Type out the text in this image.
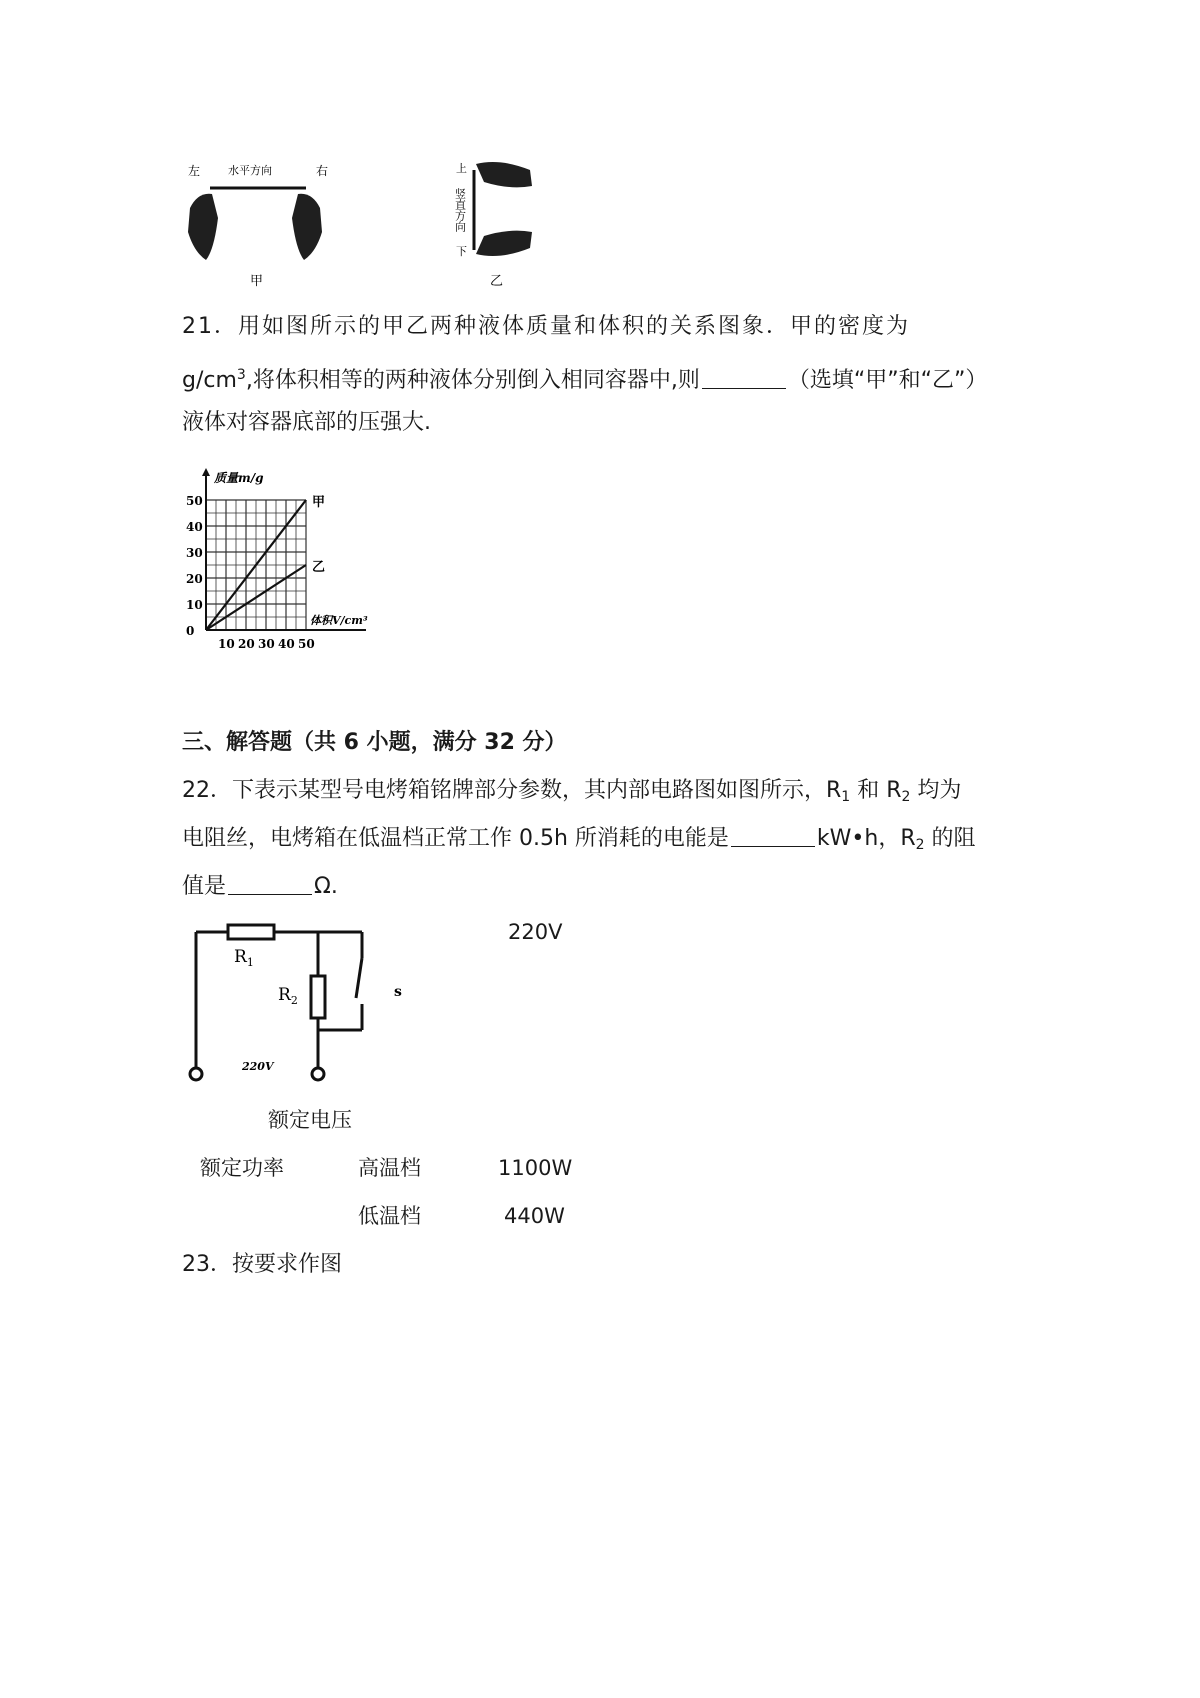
左	水平方向	右
甲
上
竖直方向
下
乙
21．用如图所示的甲乙两种液体质量和体积的关系图象．甲的密度为
$g/cm^3$,将体积相等的两种液体分别倒入相同容器中,则	（选填“甲”和“乙”）
液体对容器底部的压强大.
甲
乙
10 20 30 40 50
0
10
20
30
40
50
质量m/g
体积V/cm³
三、解答题（共 6 小题，满分 32 分）
22．下表示某型号电烤箱铭牌部分参数，其内部电路图如图所示，$R_1$ 和 $R_2$ 均为
电阻丝，电烤箱在低温档正常工作 0.5h 所消耗的电能是	kW•h，$R_2$ 的阻
值是	Ω.
$R_1$
$R_2$
s
220V
220V
额定电压
额定功率	高温档	1100W
低温档	440W
23．按要求作图
